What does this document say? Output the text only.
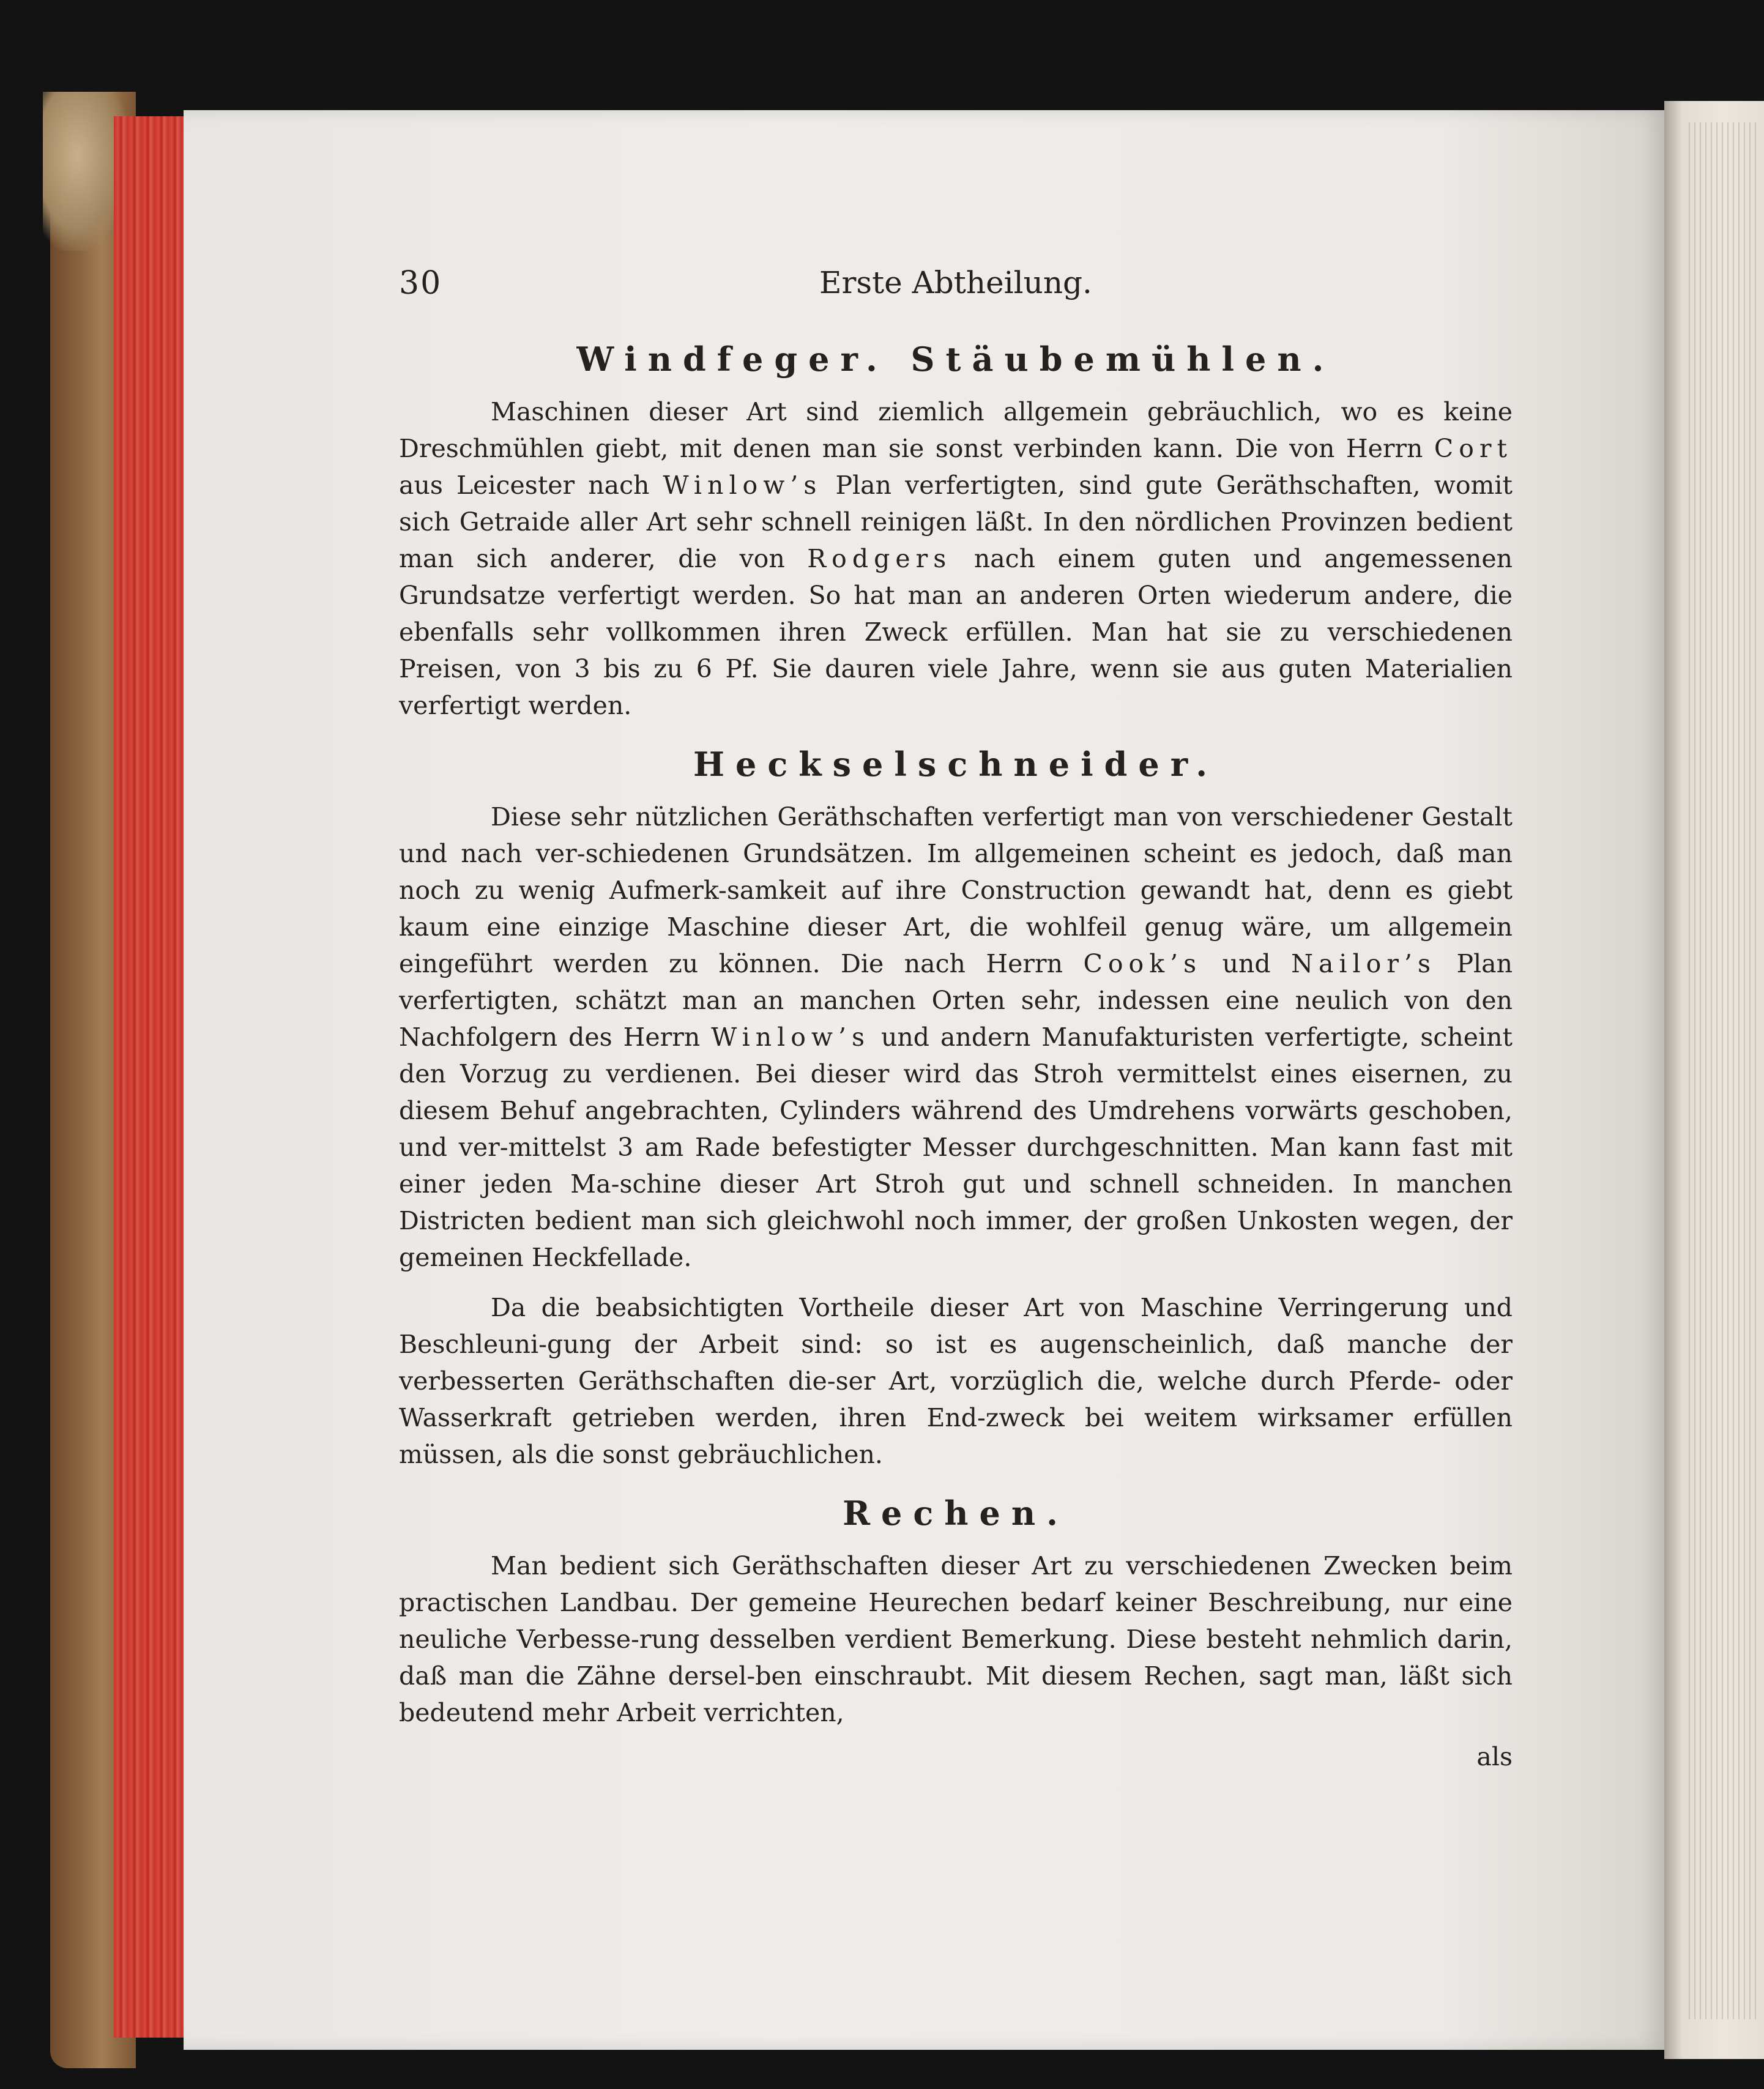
30	Erste Abtheilung.
Windfeger. Stäubemühlen.

Maschinen dieser Art sind ziemlich allgemein gebräuchlich, wo es keine Dreschmühlen giebt, mit denen man sie sonst verbinden kann. Die von Herrn Cort aus Leicester nach Winlow’s Plan verfertigten, sind gute Geräthschaften, womit sich Getraide aller Art sehr schnell reinigen läßt. In den nördlichen Provinzen bedient man sich anderer, die von Rodgers nach einem guten und angemessenen Grundsatze verfertigt werden. So hat man an anderen Orten wiederum andere, die ebenfalls sehr vollkommen ihren Zweck erfüllen. Man hat sie zu verschiedenen Preisen, von 3 bis zu 6 Pf. Sie dauren viele Jahre, wenn sie aus guten Materialien verfertigt werden.

Heckselschneider.

Diese sehr nützlichen Geräthschaften verfertigt man von verschiedener Gestalt und nach ver-schiedenen Grundsätzen. Im allgemeinen scheint es jedoch, daß man noch zu wenig Aufmerk-samkeit auf ihre Construction gewandt hat, denn es giebt kaum eine einzige Maschine dieser Art, die wohlfeil genug wäre, um allgemein eingeführt werden zu können. Die nach Herrn Cook’s und Nailor’s Plan verfertigten, schätzt man an manchen Orten sehr, indessen eine neulich von den Nachfolgern des Herrn Winlow’s und andern Manufakturisten verfertigte, scheint den Vorzug zu verdienen. Bei dieser wird das Stroh vermittelst eines eisernen, zu diesem Behuf angebrachten, Cylinders während des Umdrehens vorwärts geschoben, und ver-mittelst 3 am Rade befestigter Messer durchgeschnitten. Man kann fast mit einer jeden Ma-schine dieser Art Stroh gut und schnell schneiden. In manchen Districten bedient man sich gleichwohl noch immer, der großen Unkosten wegen, der gemeinen Heckfellade.

Da die beabsichtigten Vortheile dieser Art von Maschine Verringerung und Beschleuni-gung der Arbeit sind: so ist es augenscheinlich, daß manche der verbesserten Geräthschaften die-ser Art, vorzüglich die, welche durch Pferde- oder Wasserkraft getrieben werden, ihren End-zweck bei weitem wirksamer erfüllen müssen, als die sonst gebräuchlichen.

Rechen.

Man bedient sich Geräthschaften dieser Art zu verschiedenen Zwecken beim practischen Landbau. Der gemeine Heurechen bedarf keiner Beschreibung, nur eine neuliche Verbesse-rung desselben verdient Bemerkung. Diese besteht nehmlich darin, daß man die Zähne dersel-ben einschraubt. Mit diesem Rechen, sagt man, läßt sich bedeutend mehr Arbeit verrichten,

als
